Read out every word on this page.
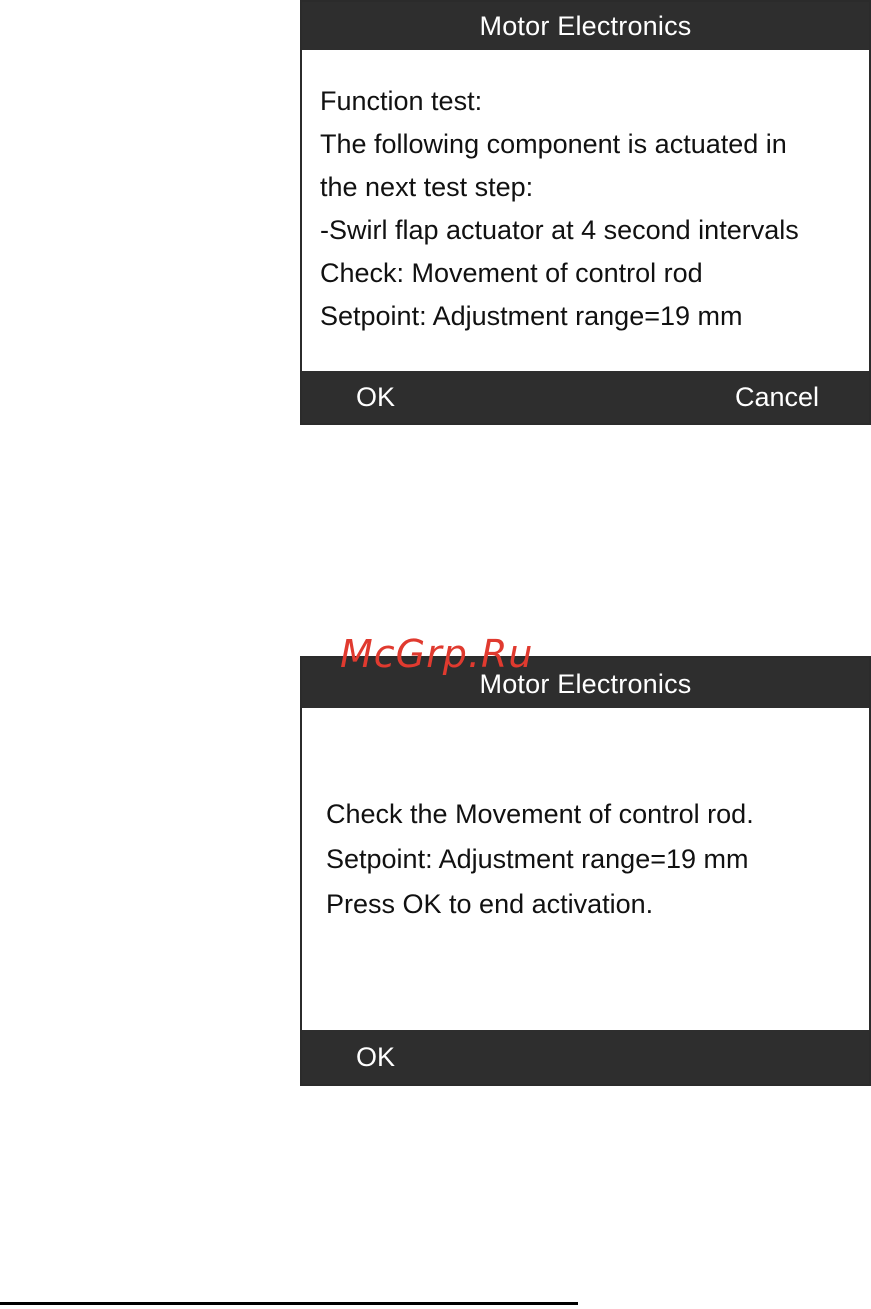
McGrp.Ru
Motor Electronics
Function test:
The following component is actuated in
the next test step:
-Swirl flap actuator at 4 second intervals
Check: Movement of control rod
Setpoint: Adjustment range=19 mm
OK	Cancel
Motor Electronics
Check the Movement of control rod.
Setpoint: Adjustment range=19 mm
Press OK to end activation.
OK
